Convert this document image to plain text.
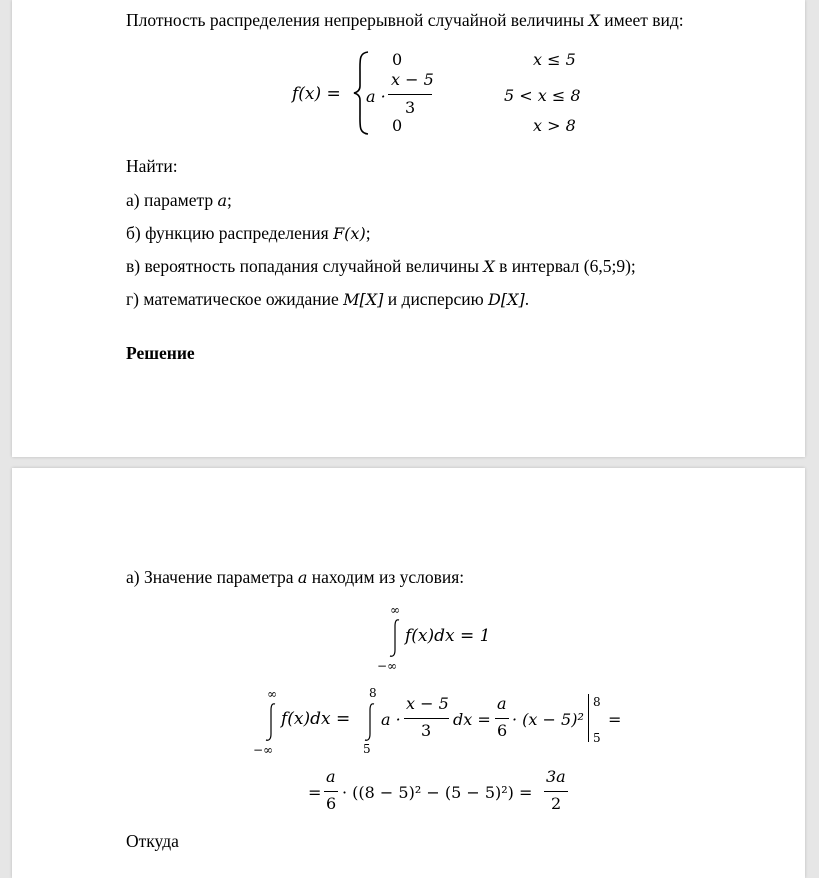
Плотность распределения непрерывной случайной величины X имеет вид:
f(x) =
0	x ≤ 5
a ·
x − 5
3
5 < x ≤ 8
0	x > 8
Найти:
а) параметр a;
б) функцию распределения F(x);
в) вероятность попадания случайной величины X в интервал (6,5;9);
г) математическое ожидание M[X] и дисперсию D[X].
Решение
а) Значение параметра a находим из условия:
∞
−∞
f(x)dx = 1
∞
−∞
f(x)dx =
8
5
a ·
x − 5
3
dx =
a
6
· (x − 5)²
8
5
=
=
a
6
· ((8 − 5)² − (5 − 5)²) =
3a
2
Откуда
